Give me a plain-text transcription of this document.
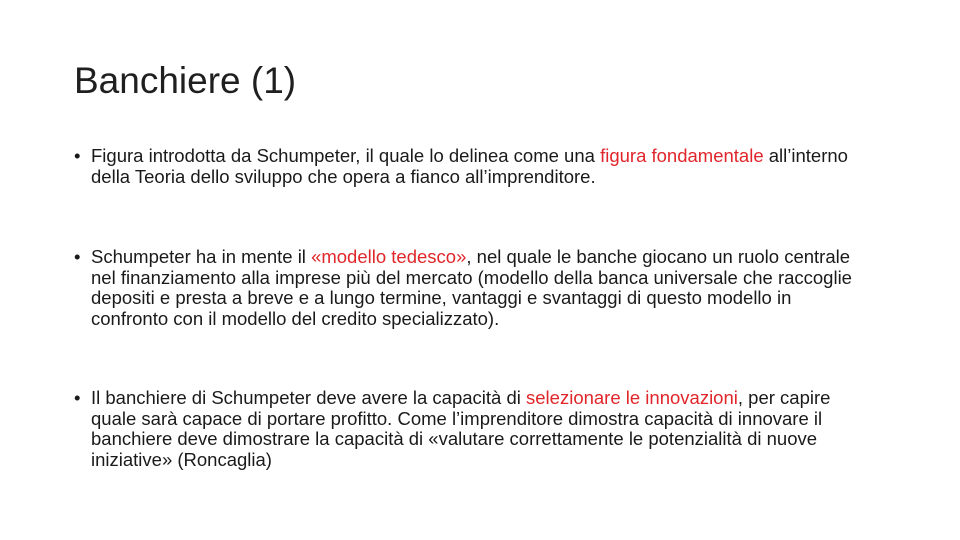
Banchiere (1)
• Figura introdotta da Schumpeter, il quale lo delinea come una figura fondamentale all’interno della Teoria dello sviluppo che opera a fianco all’imprenditore.
• Schumpeter ha in mente il «modello tedesco», nel quale le banche giocano un ruolo centrale nel finanziamento alla imprese più del mercato (modello della banca universale che raccoglie depositi e presta a breve e a lungo termine, vantaggi e svantaggi di questo modello in confronto con il modello del credito specializzato).
• Il banchiere di Schumpeter deve avere la capacità di selezionare le innovazioni, per capire quale sarà capace di portare profitto. Come l’imprenditore dimostra capacità di innovare il banchiere deve dimostrare la capacità di «valutare correttamente le potenzialità di nuove iniziative» (Roncaglia)
